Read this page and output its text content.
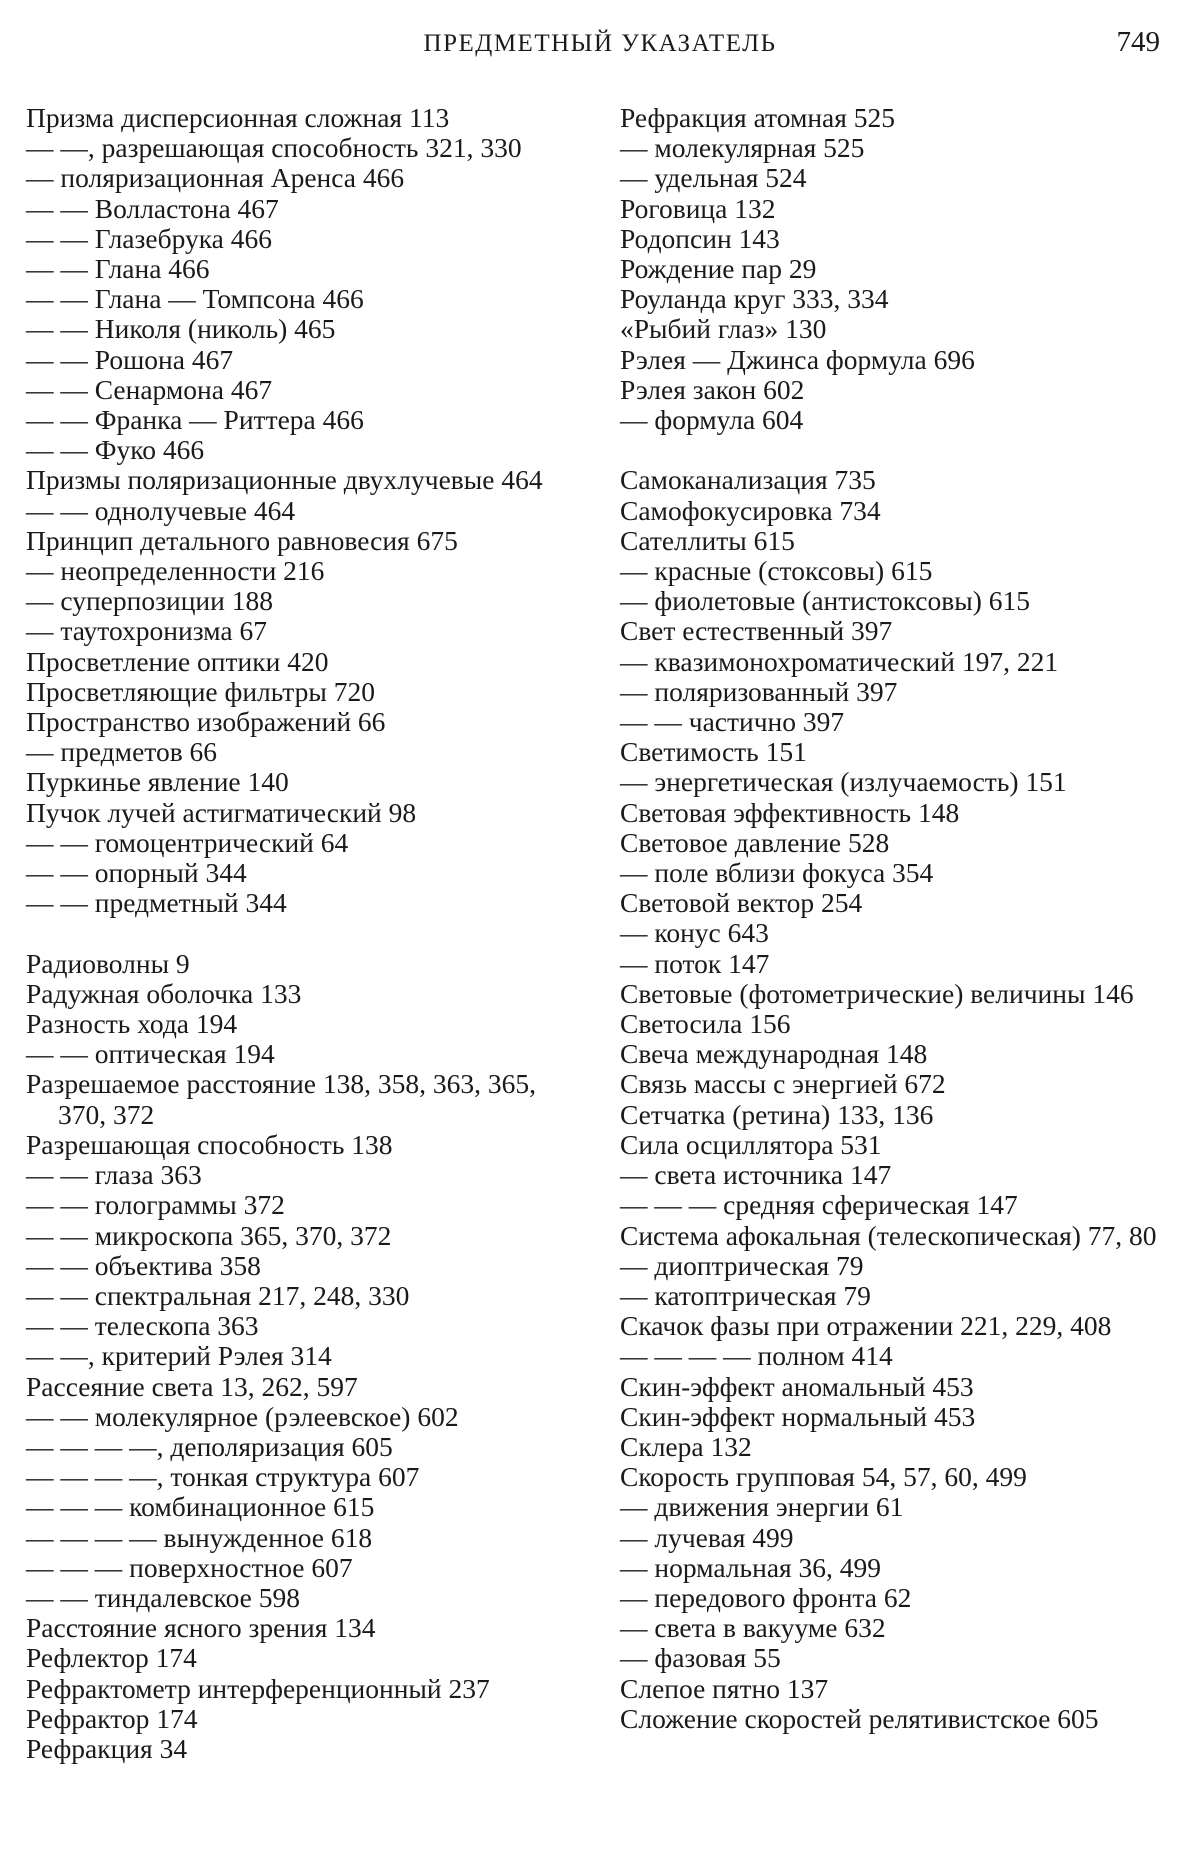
ПРЕДМЕТНЫЙ УКАЗАТЕЛЬ	749
Призма дисперсионная сложная 113
— —, разрешающая способность 321, 330
— поляризационная Аренса 466
— — Волластона 467
— — Глазебрука 466
— — Глана 466
— — Глана — Томпсона 466
— — Николя (николь) 465
— — Рошона 467
— — Сенармона 467
— — Франка — Риттера 466
— — Фуко 466
Призмы поляризационные двухлучевые 464
— — однолучевые 464
Принцип детального равновесия 675
— неопределенности 216
— суперпозиции 188
— таутохронизма 67
Просветление оптики 420
Просветляющие фильтры 720
Пространство изображений 66
— предметов 66
Пуркинье явление 140
Пучок лучей астигматический 98
— — гомоцентрический 64
— — опорный 344
— — предметный 344
Радиоволны 9
Радужная оболочка 133
Разность хода 194
— — оптическая 194
Разрешаемое расстояние 138, 358, 363, 365, 370, 372
Разрешающая способность 138
— — глаза 363
— — голограммы 372
— — микроскопа 365, 370, 372
— — объектива 358
— — спектральная 217, 248, 330
— — телескопа 363
— —, критерий Рэлея 314
Рассеяние света 13, 262, 597
— — молекулярное (рэлеевское) 602
— — — —, деполяризация 605
— — — —, тонкая структура 607
— — — комбинационное 615
— — — — вынужденное 618
— — — поверхностное 607
— — тиндалевское 598
Расстояние ясного зрения 134
Рефлектор 174
Рефрактометр интерференционный 237
Рефрактор 174
Рефракция 34
Рефракция атомная 525
— молекулярная 525
— удельная 524
Роговица 132
Родопсин 143
Рождение пар 29
Роуланда круг 333, 334
«Рыбий глаз» 130
Рэлея — Джинса формула 696
Рэлея закон 602
— формула 604
Самоканализация 735
Самофокусировка 734
Сателлиты 615
— красные (стоксовы) 615
— фиолетовые (антистоксовы) 615
Свет естественный 397
— квазимонохроматический 197, 221
— поляризованный 397
— — частично 397
Светимость 151
— энергетическая (излучаемость) 151
Световая эффективность 148
Световое давление 528
— поле вблизи фокуса 354
Световой вектор 254
— конус 643
— поток 147
Световые (фотометрические) величины 146
Светосила 156
Свеча международная 148
Связь массы с энергией 672
Сетчатка (ретина) 133, 136
Сила осциллятора 531
— света источника 147
— — — средняя сферическая 147
Система афокальная (телескопическая) 77, 80
— диоптрическая 79
— катоптрическая 79
Скачок фазы при отражении 221, 229, 408
— — — — полном 414
Скин-эффект аномальный 453
Скин-эффект нормальный 453
Склера 132
Скорость групповая 54, 57, 60, 499
— движения энергии 61
— лучевая 499
— нормальная 36, 499
— передового фронта 62
— света в вакууме 632
— фазовая 55
Слепое пятно 137
Сложение скоростей релятивистское 605
